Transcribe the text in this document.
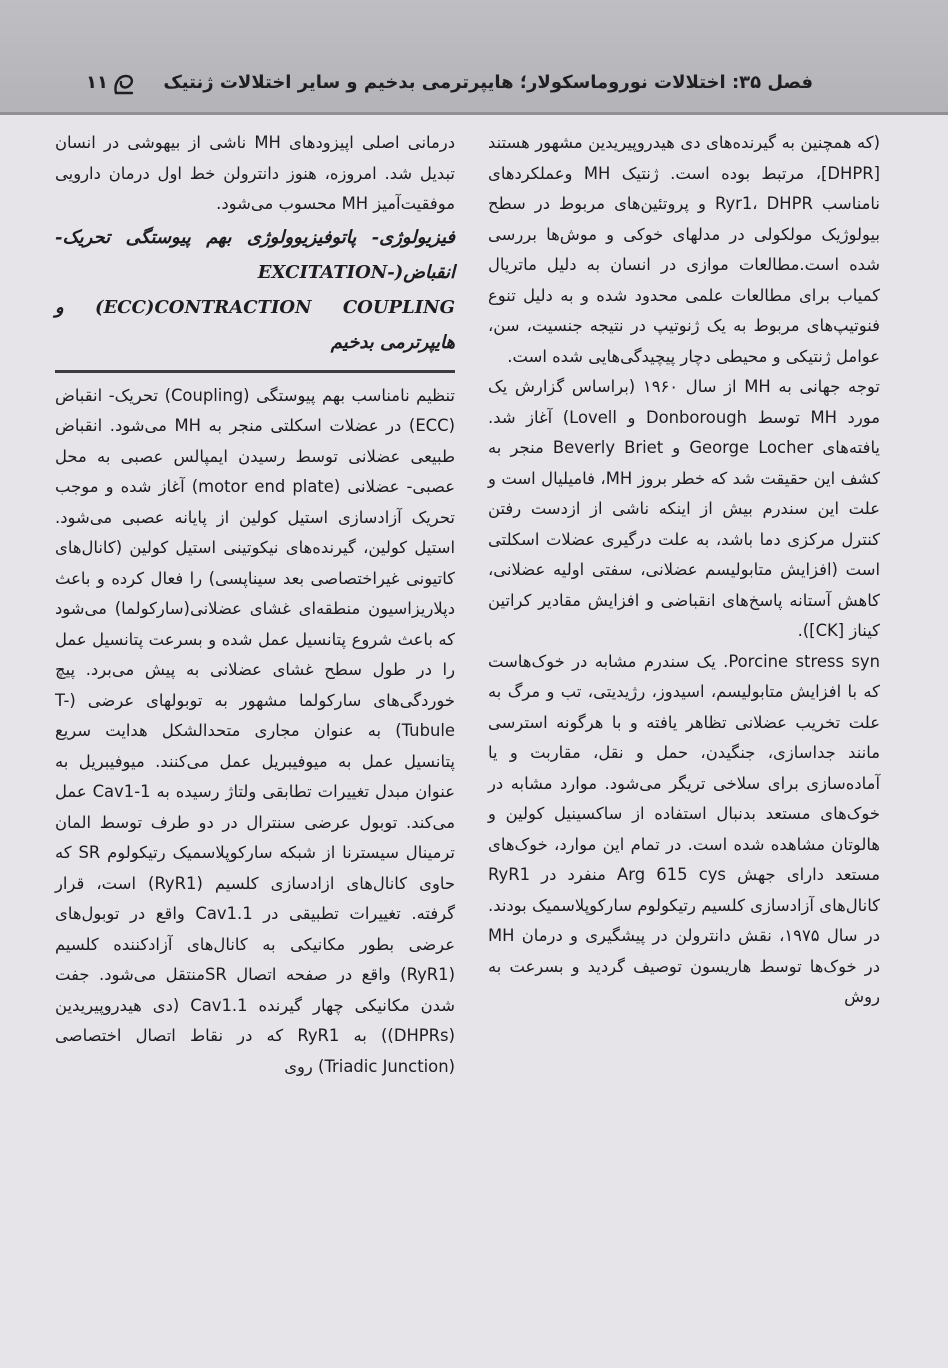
فصل ۳۵: اختلالات نوروماسکولار؛ هایپرترمی بدخیم و سایر اختلالات ژنتیک
۱۱

(که همچنین به گیرنده‌های دی هیدروپیریدین مشهور هستند [DHPR]، مرتبط بوده است. ژنتیک MH وعملکردهای نامناسب Ryr1، DHPR و پروتئین‌های مربوط در سطح بیولوژیک مولکولی در مدلهای خوکی و موش‌ها بررسی شده است.مطالعات موازی در انسان به دلیل ماتریال کمیاب برای مطالعات علمی محدود شده و به دلیل تنوع فنوتیپ‌های مربوط به یک ژنوتیپ در نتیجه جنسیت، سن، عوامل ژنتیکی و محیطی دچار پیچیدگی‌هایی شده است.

توجه جهانی به MH از سال ۱۹۶۰ (براساس گزارش یک مورد MH توسط Donborough و Lovell) آغاز شد. یافته‌های George Locher و Beverly Briet منجر به کشف این حقیقت شد که خطر بروز MH، فامیلیال است و علت این سندرم بیش از اینکه ناشی از ازدست رفتن کنترل مرکزی دما باشد، به علت درگیری عضلات اسکلتی است (افزایش متابولیسم عضلانی، سفتی اولیه عضلانی، کاهش آستانه پاسخ‌های انقباضی و افزایش مقادیر کراتین کیناز [CK]).

Porcine stress syn. یک سندرم مشابه در خوک‌هاست که با افزایش متابولیسم، اسیدوز، رژیدیتی، تب و مرگ به علت تخریب عضلانی تظاهر یافته و با هرگونه استرسی مانند جداسازی، جنگیدن، حمل و نقل، مقاربت و یا آماده‌سازی برای سلاخی تریگر می‌شود. موارد مشابه در خوک‌های مستعد بدنبال استفاده از ساکسینیل کولین و هالوتان مشاهده شده است. در تمام این موارد، خوک‌های مستعد دارای جهش Arg 615 cys منفرد در RyR1 کانال‌های آزادسازی کلسیم رتیکولوم سارکوپلاسمیک بودند. در سال ۱۹۷۵، نقش دانترولن در پیشگیری و درمان MH در خوک‌ها توسط هاریسون توصیف گردید و بسرعت به روش

درمانی اصلی اپیزودهای MH ناشی از بیهوشی در انسان تبدیل شد. امروزه، هنوز دانترولن خط اول درمان دارویی موفقیت‌آمیز MH محسوب می‌شود.

فیزیولوژی- پاتوفیزیوولوژی بهم پیوستگی تحریک- انقباض(-EXCITATION (ECC)CONTRACTION COUPLING و هایپرترمی بدخیم

تنظیم نامناسب بهم پیوستگی (Coupling) تحریک- انقباض (ECC) در عضلات اسکلتی منجر به MH می‌شود. انقباض طبیعی عضلانی توسط رسیدن ایمپالس عصبی به محل عصبی- عضلانی (motor end plate) آغاز شده و موجب تحریک آزادسازی استیل کولین از پایانه عصبی می‌شود. استیل کولین، گیرنده‌های نیکوتینی استیل کولین (کانال‌های کاتیونی غیراختصاصی بعد سیناپسی) را فعال کرده و باعث دپلاریزاسیون منطقه‌ای غشای عضلانی(سارکولما) می‌شود که باعث شروع پتانسیل عمل شده و بسرعت پتانسیل عمل را در طول سطح غشای عضلانی به پیش می‌برد. پیچ خوردگی‌های سارکولما مشهور به توبولهای عرضی (T-Tubule) به عنوان مجاری متحدالشکل هدایت سریع پتانسیل عمل به میوفیبریل عمل می‌کنند. میوفیبریل به عنوان مبدل تغییرات تطابقی ولتاژ رسیده به Cav1-1 عمل می‌کند. توبول عرضی سنترال در دو طرف توسط المان ترمینال سیسترنا از شبکه سارکوپلاسمیک رتیکولوم SR که حاوی کانال‌های ازادسازی کلسیم (RyR1) است، قرار گرفته. تغییرات تطبیقی در Cav1.1 واقع در توبول‌های عرضی بطور مکانیکی به کانال‌های آزادکننده کلسیم (RyR1) واقع در صفحه اتصال SRمنتقل می‌شود. جفت شدن مکانیکی چهار گیرنده Cav1.1 (دی هیدروپیریدین (DHPRs)) به RyR1 که در نقاط اتصال اختصاصی (Triadic Junction) روی
